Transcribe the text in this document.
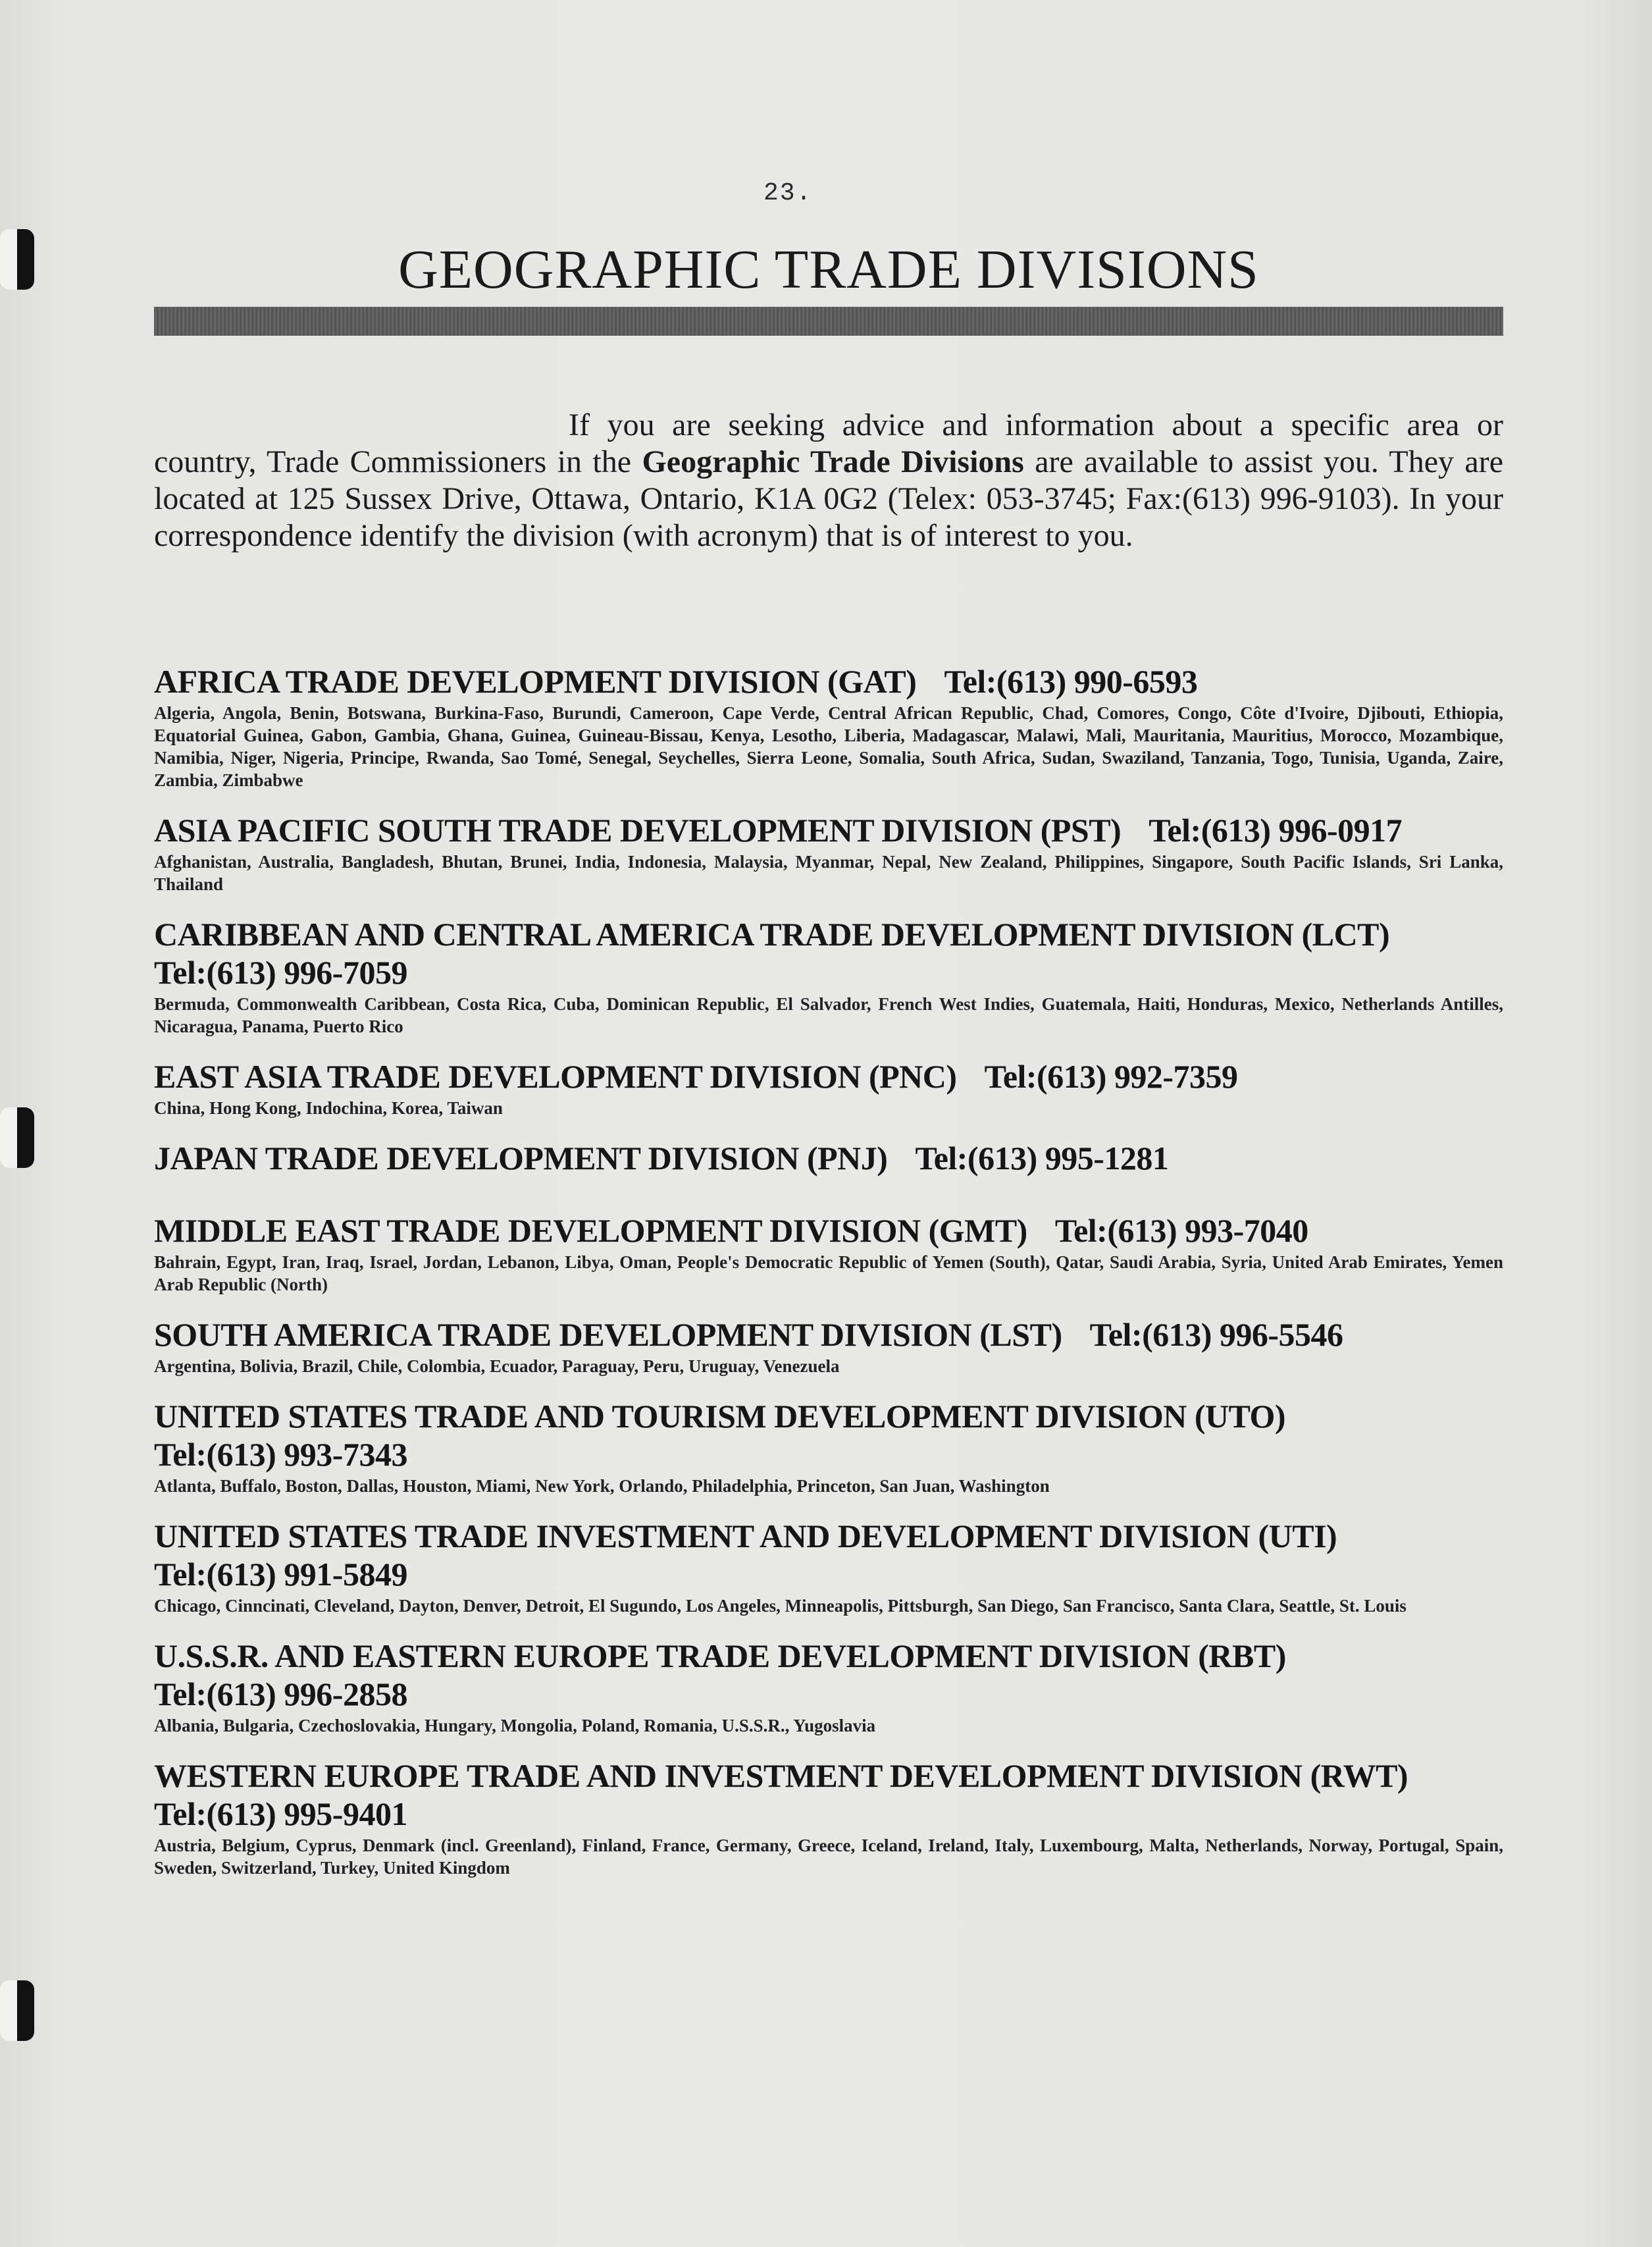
23.
GEOGRAPHIC TRADE DIVISIONS

If you are seeking advice and information about a specific area or country, Trade Commissioners in the Geographic Trade Divisions are available to assist you. They are located at 125 Sussex Drive, Ottawa, Ontario, K1A 0G2 (Telex: 053-3745; Fax:(613) 996-9103). In your correspondence identify the division (with acronym) that is of interest to you.

AFRICA TRADE DEVELOPMENT DIVISION (GAT) Tel:(613) 990-6593

Algeria, Angola, Benin, Botswana, Burkina-Faso, Burundi, Cameroon, Cape Verde, Central African Republic, Chad, Comores, Congo, Côte d'Ivoire, Djibouti, Ethiopia, Equatorial Guinea, Gabon, Gambia, Ghana, Guinea, Guineau-Bissau, Kenya, Lesotho, Liberia, Madagascar, Malawi, Mali, Mauritania, Mauritius, Morocco, Mozambique, Namibia, Niger, Nigeria, Principe, Rwanda, Sao Tomé, Senegal, Seychelles, Sierra Leone, Somalia, South Africa, Sudan, Swaziland, Tanzania, Togo, Tunisia, Uganda, Zaire, Zambia, Zimbabwe

ASIA PACIFIC SOUTH TRADE DEVELOPMENT DIVISION (PST) Tel:(613) 996-0917

Afghanistan, Australia, Bangladesh, Bhutan, Brunei, India, Indonesia, Malaysia, Myanmar, Nepal, New Zealand, Philippines, Singapore, South Pacific Islands, Sri Lanka, Thailand

CARIBBEAN AND CENTRAL AMERICA TRADE DEVELOPMENT DIVISION (LCT)
Tel:(613) 996-7059

Bermuda, Commonwealth Caribbean, Costa Rica, Cuba, Dominican Republic, El Salvador, French West Indies, Guatemala, Haiti, Honduras, Mexico, Netherlands Antilles, Nicaragua, Panama, Puerto Rico

EAST ASIA TRADE DEVELOPMENT DIVISION (PNC) Tel:(613) 992-7359

China, Hong Kong, Indochina, Korea, Taiwan

JAPAN TRADE DEVELOPMENT DIVISION (PNJ) Tel:(613) 995-1281

MIDDLE EAST TRADE DEVELOPMENT DIVISION (GMT) Tel:(613) 993-7040

Bahrain, Egypt, Iran, Iraq, Israel, Jordan, Lebanon, Libya, Oman, People's Democratic Republic of Yemen (South), Qatar, Saudi Arabia, Syria, United Arab Emirates, Yemen Arab Republic (North)

SOUTH AMERICA TRADE DEVELOPMENT DIVISION (LST) Tel:(613) 996-5546

Argentina, Bolivia, Brazil, Chile, Colombia, Ecuador, Paraguay, Peru, Uruguay, Venezuela

UNITED STATES TRADE AND TOURISM DEVELOPMENT DIVISION (UTO)
Tel:(613) 993-7343

Atlanta, Buffalo, Boston, Dallas, Houston, Miami, New York, Orlando, Philadelphia, Princeton, San Juan, Washington

UNITED STATES TRADE INVESTMENT AND DEVELOPMENT DIVISION (UTI)
Tel:(613) 991-5849

Chicago, Cinncinati, Cleveland, Dayton, Denver, Detroit, El Sugundo, Los Angeles, Minneapolis, Pittsburgh, San Diego, San Francisco, Santa Clara, Seattle, St. Louis

U.S.S.R. AND EASTERN EUROPE TRADE DEVELOPMENT DIVISION (RBT)
Tel:(613) 996-2858

Albania, Bulgaria, Czechoslovakia, Hungary, Mongolia, Poland, Romania, U.S.S.R., Yugoslavia

WESTERN EUROPE TRADE AND INVESTMENT DEVELOPMENT DIVISION (RWT)
Tel:(613) 995-9401

Austria, Belgium, Cyprus, Denmark (incl. Greenland), Finland, France, Germany, Greece, Iceland, Ireland, Italy, Luxembourg, Malta, Netherlands, Norway, Portugal, Spain, Sweden, Switzerland, Turkey, United Kingdom
